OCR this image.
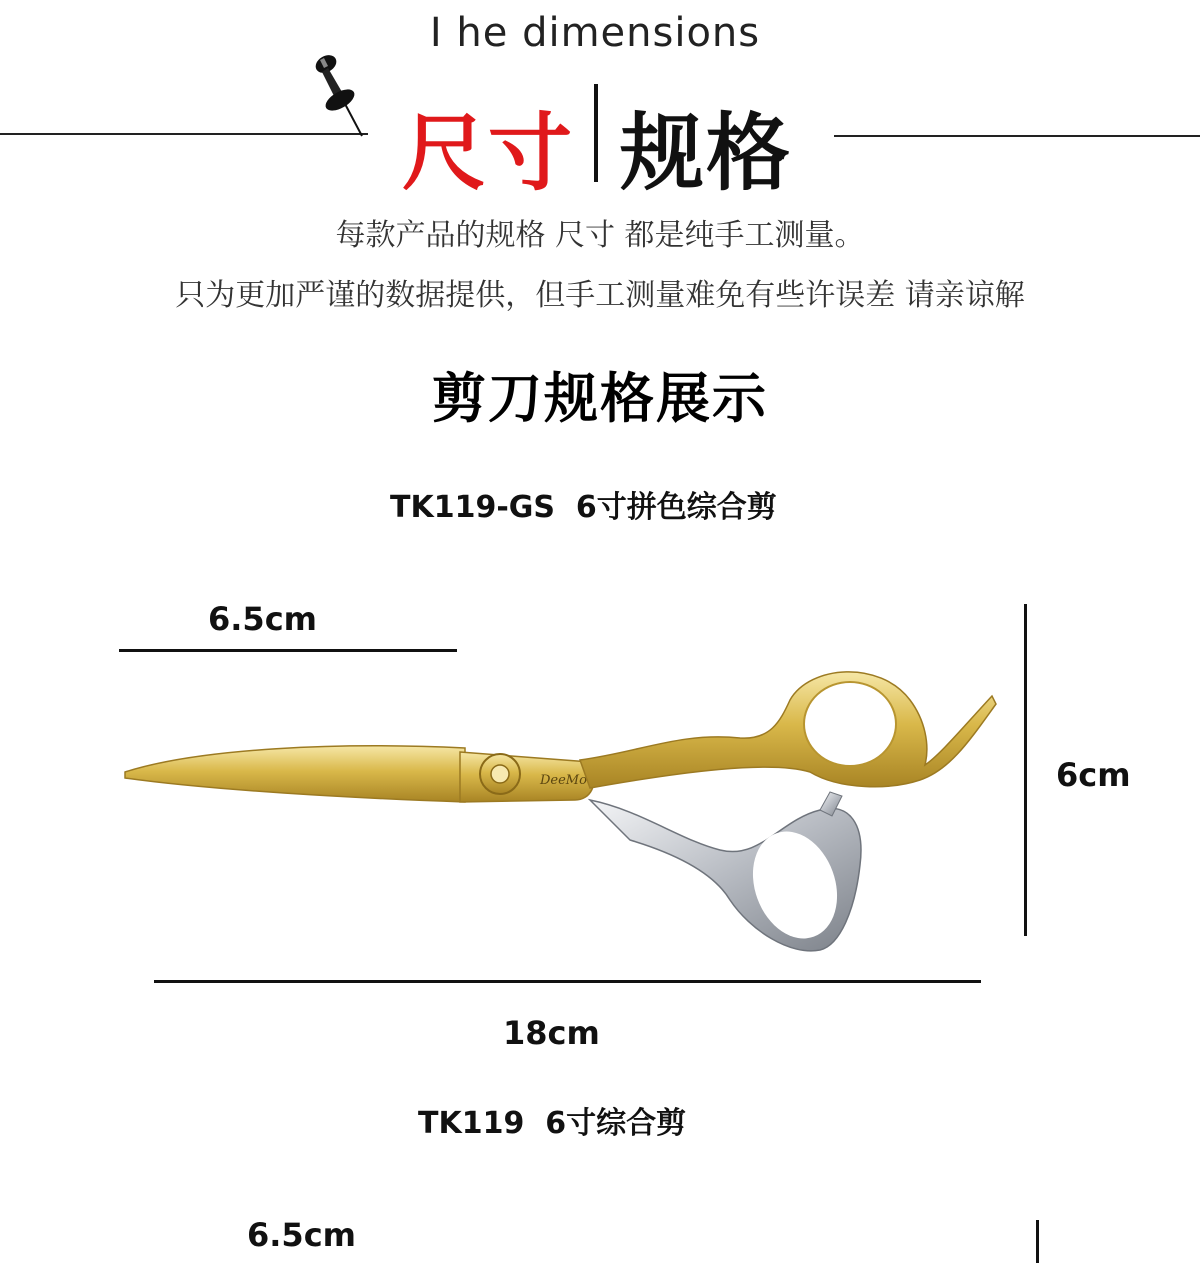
I he dimensions
尺寸 规格
每款产品的规格 尺寸 都是纯手工测量。
只为更加严谨的数据提供，但手工测量难免有些许误差 请亲谅解
剪刀规格展示
TK119-GS  6寸拼色综合剪
6.5cm
6cm
18cm
DeeMo
TK119  6寸综合剪
6.5cm
